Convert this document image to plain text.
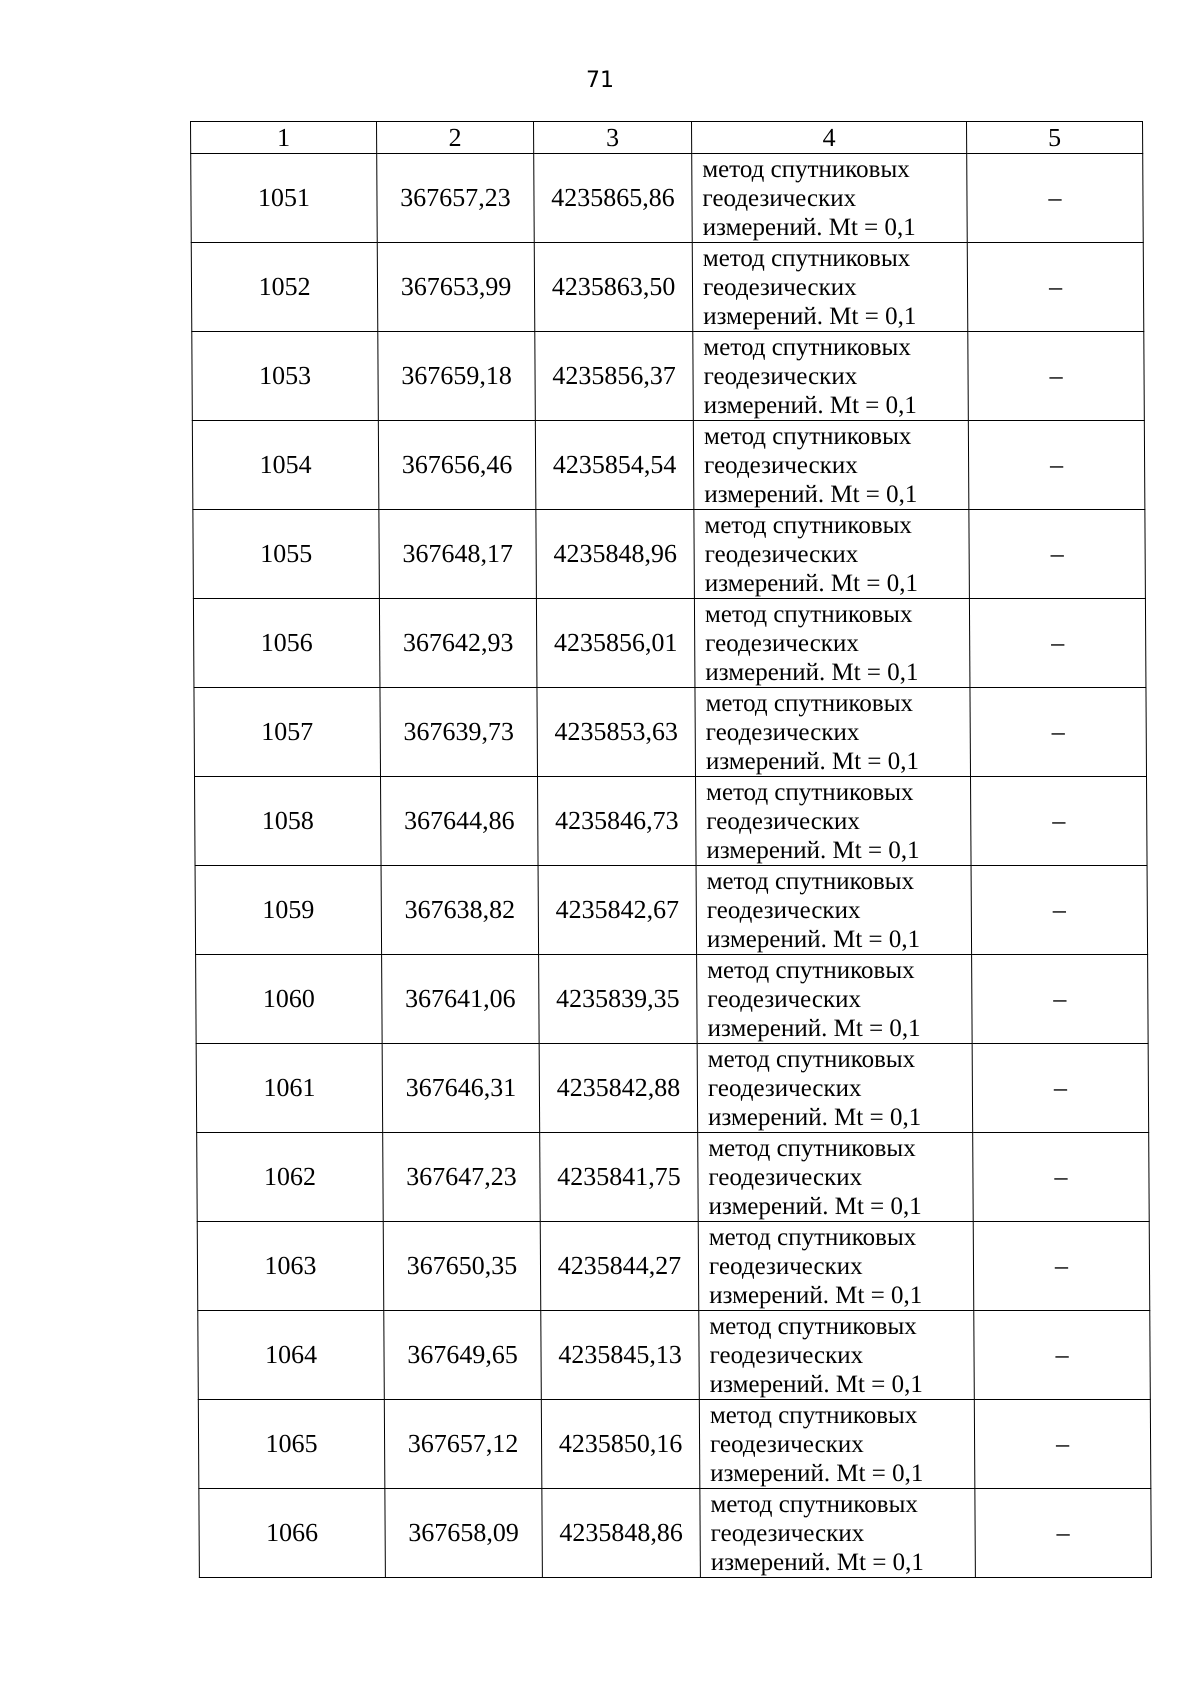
71
1	2	3	4	5
1051	367657,23	4235865,86	метод спутниковых
геодезических
измерений. Mt = 0,1	–
1052	367653,99	4235863,50	метод спутниковых
геодезических
измерений. Mt = 0,1	–
1053	367659,18	4235856,37	метод спутниковых
геодезических
измерений. Mt = 0,1	–
1054	367656,46	4235854,54	метод спутниковых
геодезических
измерений. Mt = 0,1	–
1055	367648,17	4235848,96	метод спутниковых
геодезических
измерений. Mt = 0,1	–
1056	367642,93	4235856,01	метод спутниковых
геодезических
измерений. Mt = 0,1	–
1057	367639,73	4235853,63	метод спутниковых
геодезических
измерений. Mt = 0,1	–
1058	367644,86	4235846,73	метод спутниковых
геодезических
измерений. Mt = 0,1	–
1059	367638,82	4235842,67	метод спутниковых
геодезических
измерений. Mt = 0,1	–
1060	367641,06	4235839,35	метод спутниковых
геодезических
измерений. Mt = 0,1	–
1061	367646,31	4235842,88	метод спутниковых
геодезических
измерений. Mt = 0,1	–
1062	367647,23	4235841,75	метод спутниковых
геодезических
измерений. Mt = 0,1	–
1063	367650,35	4235844,27	метод спутниковых
геодезических
измерений. Mt = 0,1	–
1064	367649,65	4235845,13	метод спутниковых
геодезических
измерений. Mt = 0,1	–
1065	367657,12	4235850,16	метод спутниковых
геодезических
измерений. Mt = 0,1	–
1066	367658,09	4235848,86	метод спутниковых
геодезических
измерений. Mt = 0,1	–
